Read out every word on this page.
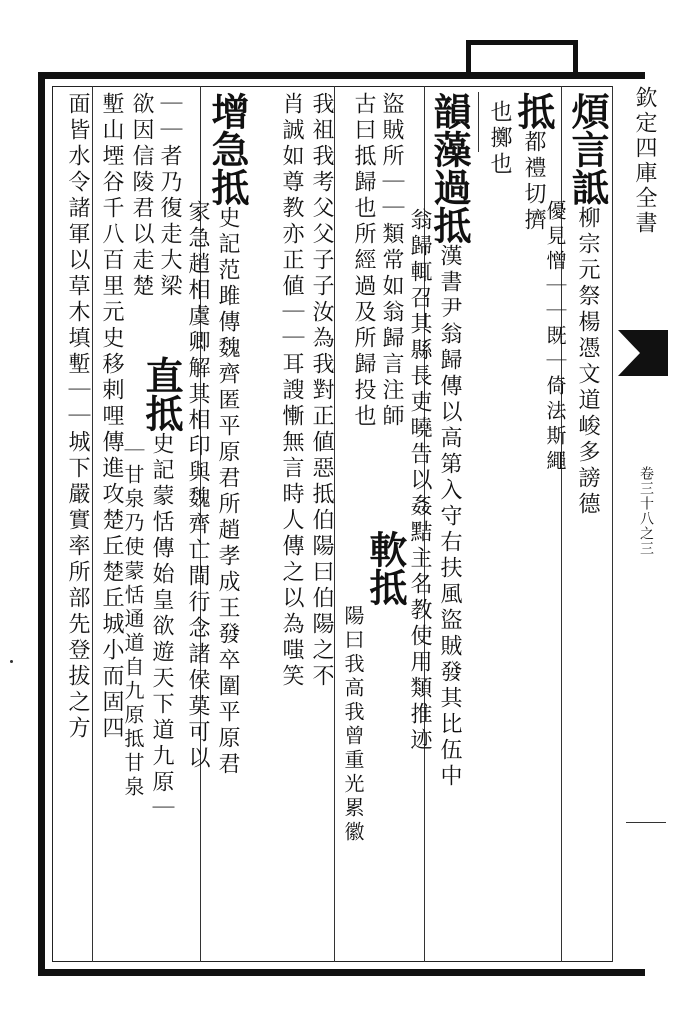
欽定四庫全書
卷三十八之三
煩言詆柳宗元祭楊憑文道峻多謗德
優見憎｜｜既｜倚法斯繩
抵都禮切擠
也擲也
韻藻過抵漢書尹翁歸傳以高第入守右扶風盜賊發其比伍中
翁歸輒召其縣長吏曉告以姦黠主名教使用類推迹
盜賊所｜｜類常如翁歸言注師
古曰抵歸也所經過及所歸投也
軟抵
陽曰我高我曾重光累徽
我祖我考父父子子汝為我對正値惡抵伯陽曰伯陽之不
肖誠如尊教亦正値｜｜耳謏慚無言時人傳之以為嗤笑
增急抵史記范雎傳魏齊匿平原君所趙孝成王發卒圍平原君
家急趙相虞卿解其相印與魏齊亡間行念諸侯莫可以
｜｜者乃復走大梁
直抵史記蒙恬傳始皇欲遊天下道九原｜
欲因信陵君以走楚
｜甘泉乃使蒙恬通道自九原抵甘泉
塹山堙谷千八百里元史移剌哩傳進攻楚丘楚丘城小而固四
面皆水令諸軍以草木填塹｜｜城下嚴實率所部先登拔之方
